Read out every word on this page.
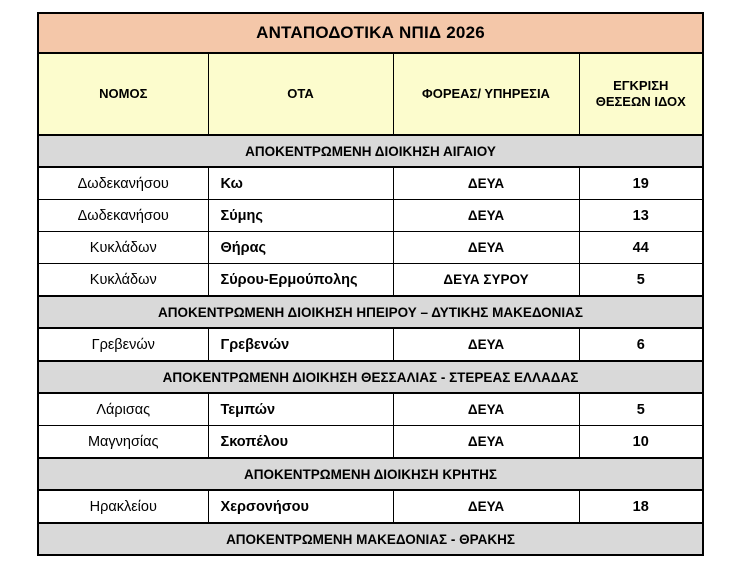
ΑΝΤΑΠΟΔΟΤΙΚΑ ΝΠΙΔ 2026			
ΝΟΜΟΣ	ΟΤΑ	ΦΟΡΕΑΣ/ ΥΠΗΡΕΣΙΑ	ΕΓΚΡΙΣΗ
ΘΕΣΕΩΝ ΙΔΟΧ
ΑΠΟΚΕΝΤΡΩΜΕΝΗ ΔΙΟΙΚΗΣΗ ΑΙΓΑΙΟΥ			
Δωδεκανήσου	Κω	ΔΕΥΑ	19
Δωδεκανήσου	Σύμης	ΔΕΥΑ	13
Κυκλάδων	Θήρας	ΔΕΥΑ	44
Κυκλάδων	Σύρου-Ερμούπολης	ΔΕΥΑ ΣΥΡΟΥ	5
ΑΠΟΚΕΝΤΡΩΜΕΝΗ ΔΙΟΙΚΗΣΗ ΗΠΕΙΡΟΥ – ΔΥΤΙΚΗΣ ΜΑΚΕΔΟΝΙΑΣ			
Γρεβενών	Γρεβενών	ΔΕΥΑ	6
ΑΠΟΚΕΝΤΡΩΜΕΝΗ ΔΙΟΙΚΗΣΗ ΘΕΣΣΑΛΙΑΣ - ΣΤΕΡΕΑΣ ΕΛΛΑΔΑΣ			
Λάρισας	Τεμπών	ΔΕΥΑ	5
Μαγνησίας	Σκοπέλου	ΔΕΥΑ	10
ΑΠΟΚΕΝΤΡΩΜΕΝΗ ΔΙΟΙΚΗΣΗ ΚΡΗΤΗΣ			
Ηρακλείου	Χερσονήσου	ΔΕΥΑ	18
ΑΠΟΚΕΝΤΡΩΜΕΝΗ ΜΑΚΕΔΟΝΙΑΣ - ΘΡΑΚΗΣ			
